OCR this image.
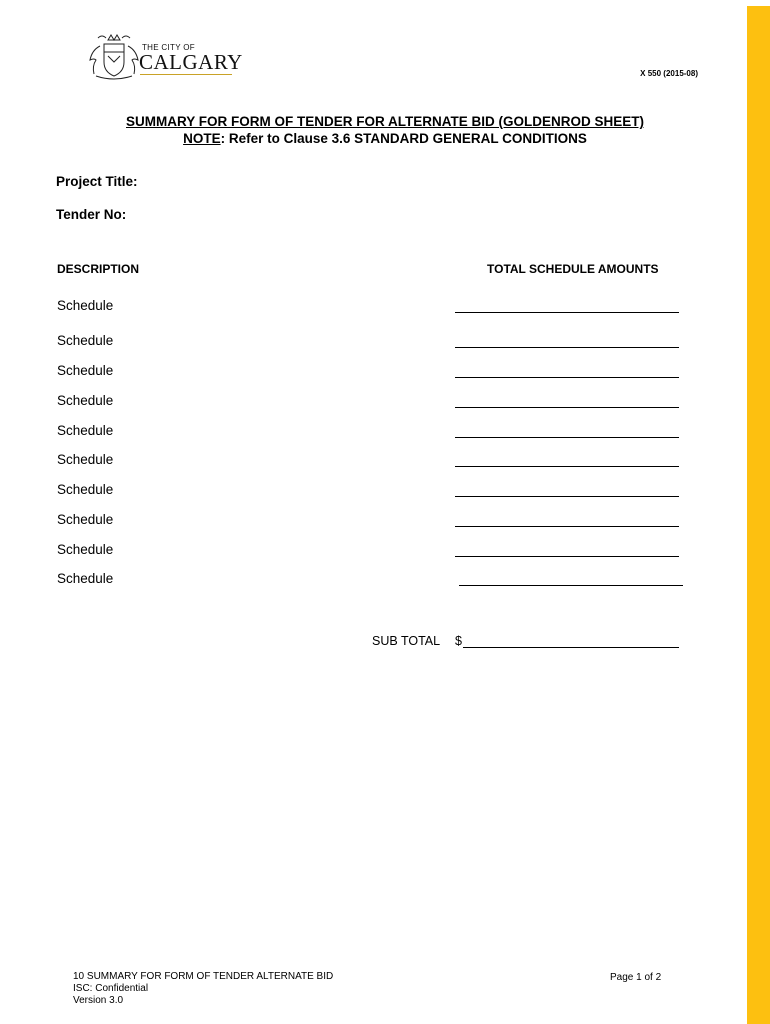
THE CITY OF
CALGARY	X 550 (2015-08)
SUMMARY FOR FORM OF TENDER FOR ALTERNATE BID (GOLDENROD SHEET)
NOTE: Refer to Clause 3.6 STANDARD GENERAL CONDITIONS
Project Title:
Tender No:
DESCRIPTION	TOTAL SCHEDULE AMOUNTS
Schedule
Schedule
Schedule
Schedule
Schedule
Schedule
Schedule
Schedule
Schedule
Schedule
SUB TOTAL $
10 SUMMARY FOR FORM OF TENDER ALTERNATE BID
ISC: Confidential
Version 3.0
Page 1 of 2
